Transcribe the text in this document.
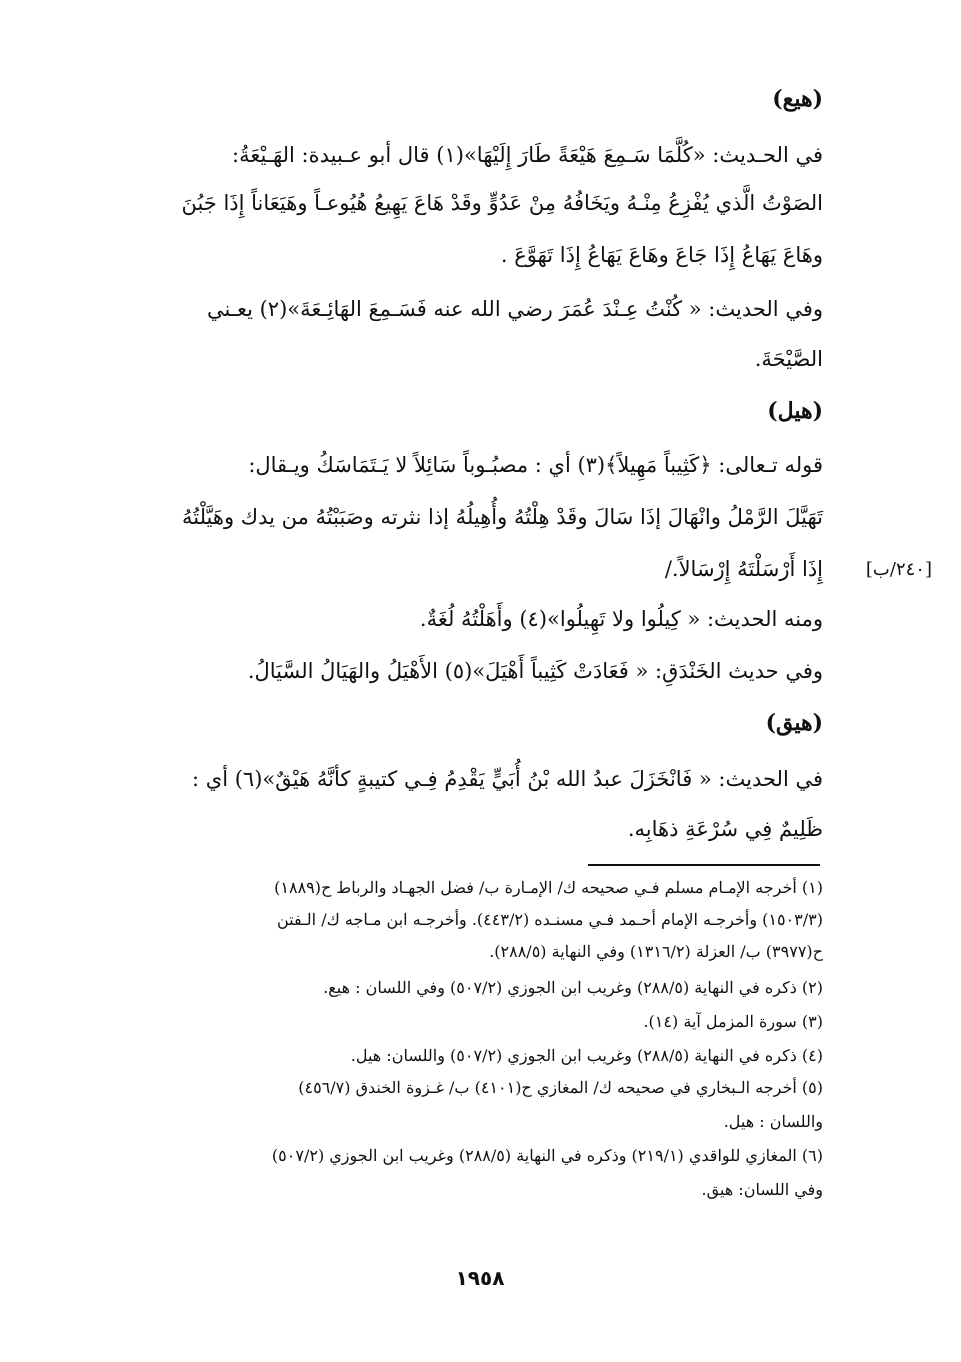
(هيع)
في الحـديث: «كُلَّمَا سَـمِعَ هَيْعَةً طَارَ إِلَيْهَا»(١) قال أبو عـبيدة: الهَـيْعَةُ:
الصَوْتُ الَّذي يُفْزِعُ مِنْـهُ ويَخَافُهُ مِنْ عَدُوٍّ وقَدْ هَاعَ يَهِيعُ هُيُوعـاً وهَيَعَاناً إِذَا جَبُنَ
وهَاعَ يَهَاعُ إِذَا جَاعَ وهَاعَ يَهَاعُ إِذَا تَهَوَّعَ .
وفي الحديث: « كُنْتُ عِـنْدَ عُمَرَ رضي الله عنه فَسَـمِعَ الهَائِـعَةَ»(٢) يعـني
الصَّيْحَةَ.
(هيل)
قوله تـعالى: ﴿كَثِيباً مَهِيلاً﴾(٣) أي : مصبُـوباً سَائِلاً لا يَـتَمَاسَكُ ويـقال:
تَهَيَّلَ الرَّمْلُ وانْهَالَ إذَا سَالَ وقَدْ هِلْتُهُ وأُهِيلُهُ إذا نثرته وصَبَبْتُهُ من يدك وهَيَّلْتُهُ
إِذَا أَرْسَلْتَهُ إِرْسَالاً./	[٢٤٠/ب]
ومنه الحديث: « كِيلُوا ولا تَهِيلُوا»(٤) وأَهَلْتُهُ لُغَةٌ.
وفي حديث الخَنْدَقِ: « فَعَادَتْ كَثِيباً أَهْيَلَ»(٥) الأَهْيَلُ والهَيَالُ السَّيَالُ.
(هيق)
في الحديث: « فَانْخَزَلَ عبدُ الله بْنُ أُبَيٍّ يَقْدِمُ فِـي كتيبةٍ كأنَّهُ هَيْقٌ»(٦) أي :
ظَلِيمٌ فِي سُرْعَةِ ذهَابِه.
(١) أخرجه الإمـام مسلم فـي صحيحه ك/ الإمـارة ب/ فضل الجهـاد والرباط ح(١٨٨٩)
(١٥٠٣/٣) وأخرجـه الإمام أحـمد فـي مسنـده (٤٤٣/٢). وأخرجـه ابن مـاجه ك/ الـفتن
ح(٣٩٧٧) ب/ العزلة (١٣١٦/٢) وفي النهاية (٢٨٨/٥).
(٢) ذكره في النهاية (٢٨٨/٥) وغريب ابن الجوزي (٥٠٧/٢) وفي اللسان : هيع.
(٣) سورة المزمل آية (١٤).
(٤) ذكره في النهاية (٢٨٨/٥) وغريب ابن الجوزي (٥٠٧/٢) واللسان: هيل.
(٥) أخرجه الـبخاري في صحيحه ك/ المغازي ح(٤١٠١) ب/ غـزوة الخندق (٤٥٦/٧)
واللسان : هيل.
(٦) المغازي للواقدي (٢١٩/١) وذكره في النهاية (٢٨٨/٥) وغريب ابن الجوزي (٥٠٧/٢)
وفي اللسان: هيق.
١٩٥٨
